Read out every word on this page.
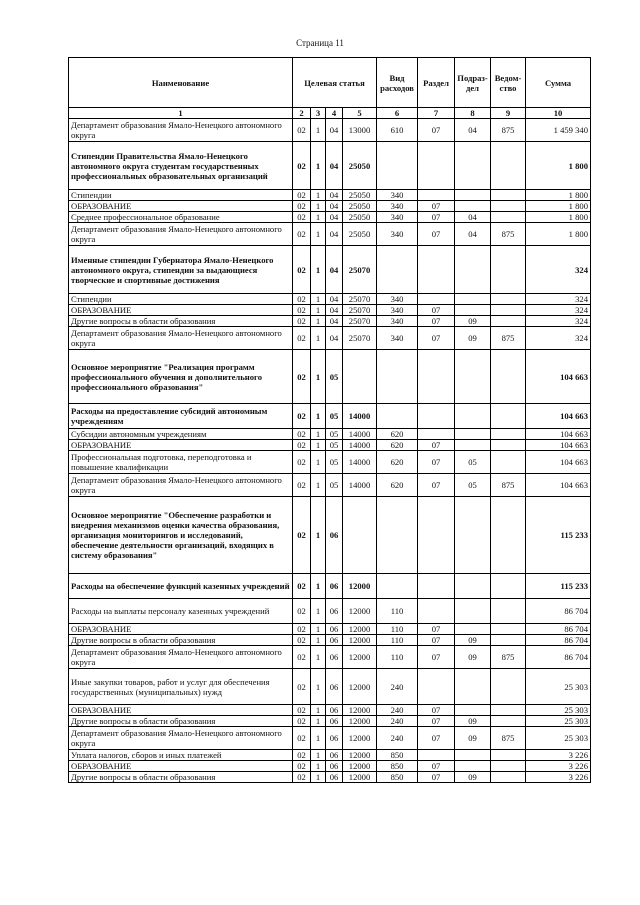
Страница 11
Наименование	Целевая статья				Вид расходов	Раздел	Подраз-дел	Ведом-ство	Сумма
1	2	3	4	5	6	7	8	9	10
Департамент образования Ямало-Ненецкого автономного округа	02	1	04	13000	610	07	04	875	1 459 340
Стипендии Правительства Ямало-Ненецкого автономного округа студентам государственных профессиональных образовательных организаций	02	1	04	25050					1 800
Стипендии	02	1	04	25050	340				1 800
ОБРАЗОВАНИЕ	02	1	04	25050	340	07			1 800
Среднее профессиональное образование	02	1	04	25050	340	07	04		1 800
Департамент образования Ямало-Ненецкого автономного округа	02	1	04	25050	340	07	04	875	1 800
Именные стипендии Губернатора Ямало-Ненецкого автономного округа, стипендии за выдающиеся творческие и спортивные достижения	02	1	04	25070					324
Стипендии	02	1	04	25070	340				324
ОБРАЗОВАНИЕ	02	1	04	25070	340	07			324
Другие вопросы в области образования	02	1	04	25070	340	07	09		324
Департамент образования Ямало-Ненецкого автономного округа	02	1	04	25070	340	07	09	875	324
Основное мероприятие "Реализация программ профессионального обучения и дополнительного профессионального образования"	02	1	05						104 663
Расходы на предоставление субсидий автономным учреждениям	02	1	05	14000					104 663
Субсидии автономным учреждениям	02	1	05	14000	620				104 663
ОБРАЗОВАНИЕ	02	1	05	14000	620	07			104 663
Профессиональная подготовка, переподготовка и повышение квалификации	02	1	05	14000	620	07	05		104 663
Департамент образования Ямало-Ненецкого автономного округа	02	1	05	14000	620	07	05	875	104 663
Основное мероприятие "Обеспечение разработки и внедрения механизмов оценки качества образования, организация мониторингов и исследований, обеспечение деятельности организаций, входящих в систему образования"	02	1	06						115 233
Расходы на обеспечение функций казенных учреждений	02	1	06	12000					115 233
Расходы на выплаты персоналу казенных учреждений	02	1	06	12000	110				86 704
ОБРАЗОВАНИЕ	02	1	06	12000	110	07			86 704
Другие вопросы в области образования	02	1	06	12000	110	07	09		86 704
Департамент образования Ямало-Ненецкого автономного округа	02	1	06	12000	110	07	09	875	86 704
Иные закупки товаров, работ и услуг для обеспечения государственных (муниципальных) нужд	02	1	06	12000	240				25 303
ОБРАЗОВАНИЕ	02	1	06	12000	240	07			25 303
Другие вопросы в области образования	02	1	06	12000	240	07	09		25 303
Департамент образования Ямало-Ненецкого автономного округа	02	1	06	12000	240	07	09	875	25 303
Уплата налогов, сборов и иных платежей	02	1	06	12000	850				3 226
ОБРАЗОВАНИЕ	02	1	06	12000	850	07			3 226
Другие вопросы в области образования	02	1	06	12000	850	07	09		3 226
